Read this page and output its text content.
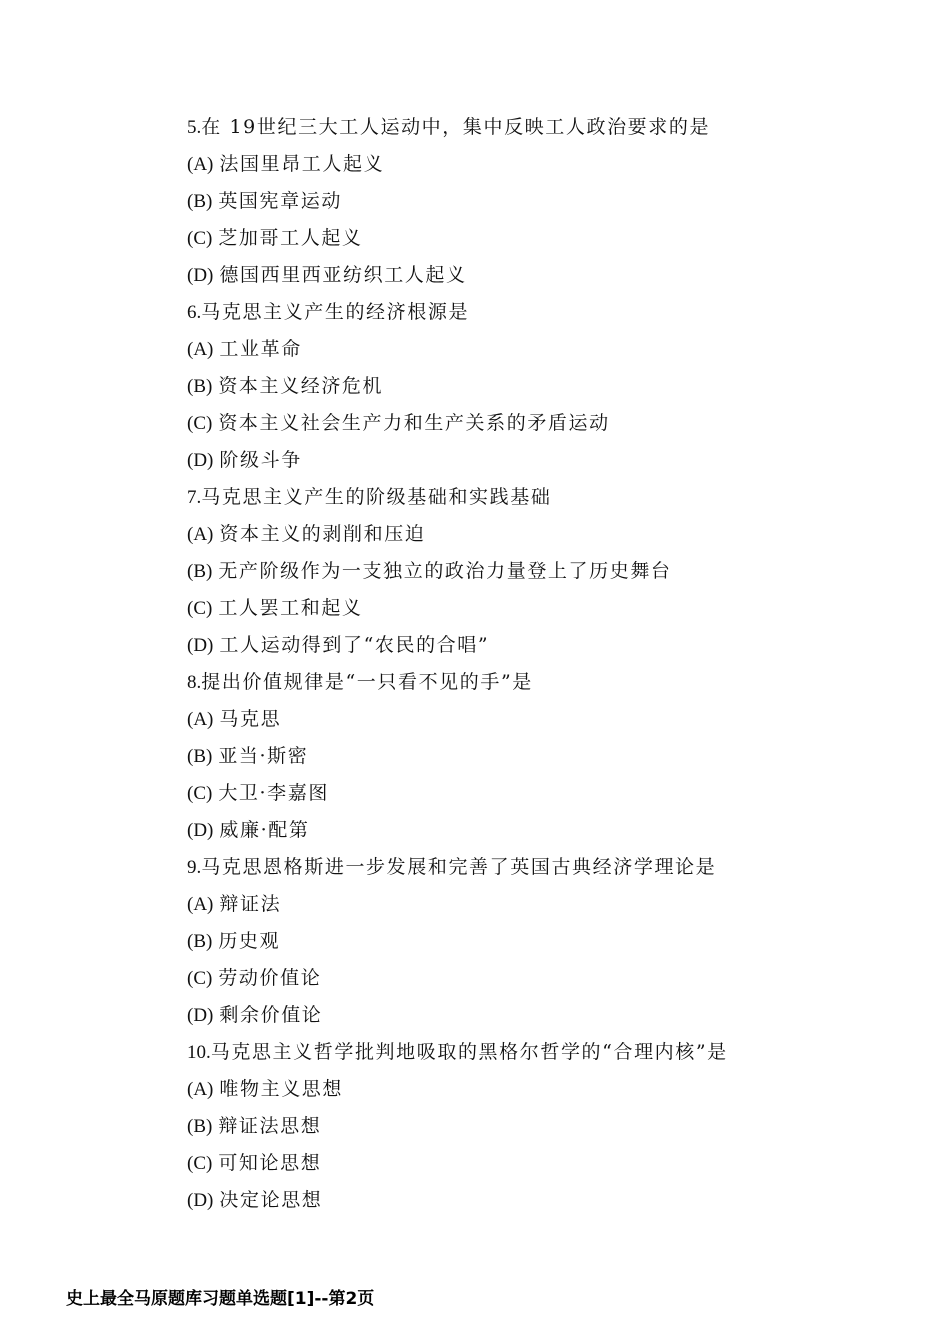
5.在 19世纪三大工人运动中，集中反映工人政治要求的是
(A) 法国里昂工人起义
(B) 英国宪章运动
(C) 芝加哥工人起义
(D) 德国西里西亚纺织工人起义
6.马克思主义产生的经济根源是
(A) 工业革命
(B) 资本主义经济危机
(C) 资本主义社会生产力和生产关系的矛盾运动
(D) 阶级斗争
7.马克思主义产生的阶级基础和实践基础
(A) 资本主义的剥削和压迫
(B) 无产阶级作为一支独立的政治力量登上了历史舞台
(C) 工人罢工和起义
(D) 工人运动得到了“农民的合唱”
8.提出价值规律是“一只看不见的手”是
(A) 马克思
(B) 亚当·斯密
(C) 大卫·李嘉图
(D) 威廉·配第
9.马克思恩格斯进一步发展和完善了英国古典经济学理论是
(A) 辩证法
(B) 历史观
(C) 劳动价值论
(D) 剩余价值论
10.马克思主义哲学批判地吸取的黑格尔哲学的“合理内核”是
(A) 唯物主义思想
(B) 辩证法思想
(C) 可知论思想
(D) 决定论思想
史上最全马原题库习题单选题[1]--第2页
